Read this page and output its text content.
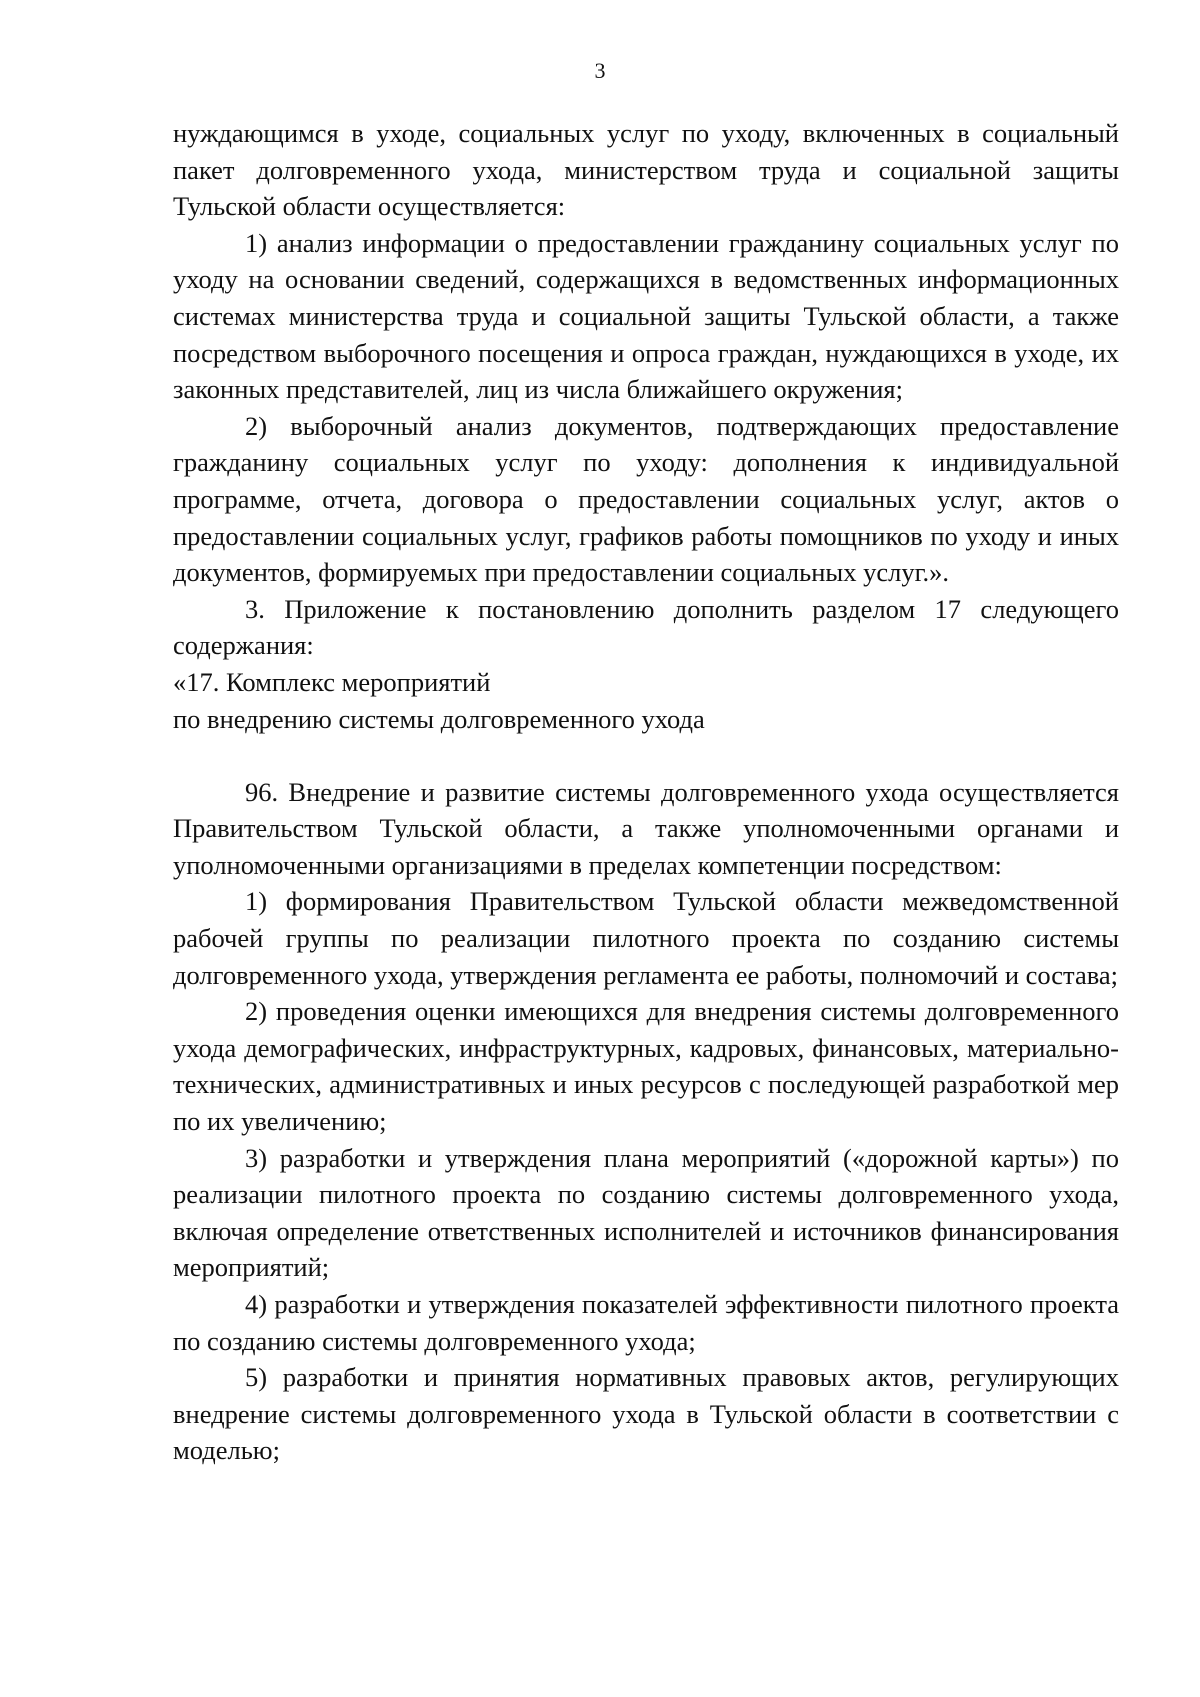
3

нуждающимся в уходе, социальных услуг по уходу, включенных в социальный пакет долговременного ухода, министерством труда и социальной защиты Тульской области осуществляется:

1) анализ информации о предоставлении гражданину социальных услуг по уходу на основании сведений, содержащихся в ведомственных информационных системах министерства труда и социальной защиты Тульской области, а также посредством выборочного посещения и опроса граждан, нуждающихся в уходе, их законных представителей, лиц из числа ближайшего окружения;

2) выборочный анализ документов, подтверждающих предоставление гражданину социальных услуг по уходу: дополнения к индивидуальной программе, отчета, договора о предоставлении социальных услуг, актов о предоставлении социальных услуг, графиков работы помощников по уходу и иных документов, формируемых при предоставлении социальных услуг.».

3. Приложение к постановлению дополнить разделом 17 следующего содержания:

«17. Комплекс мероприятий

по внедрению системы долговременного ухода

96. Внедрение и развитие системы долговременного ухода осуществляется Правительством Тульской области, а также уполномоченными органами и уполномоченными организациями в пределах компетенции посредством:

1) формирования Правительством Тульской области межведомственной рабочей группы по реализации пилотного проекта по созданию системы долговременного ухода, утверждения регламента ее работы, полномочий и состава;

2) проведения оценки имеющихся для внедрения системы долговременного ухода демографических, инфраструктурных, кадровых, финансовых, материально-технических, административных и иных ресурсов с последующей разработкой мер по их увеличению;

3) разработки и утверждения плана мероприятий («дорожной карты») по реализации пилотного проекта по созданию системы долговременного ухода, включая определение ответственных исполнителей и источников финансирования мероприятий;

4) разработки и утверждения показателей эффективности пилотного проекта по созданию системы долговременного ухода;

5) разработки и принятия нормативных правовых актов, регулирующих внедрение системы долговременного ухода в Тульской области в соответствии с моделью;
